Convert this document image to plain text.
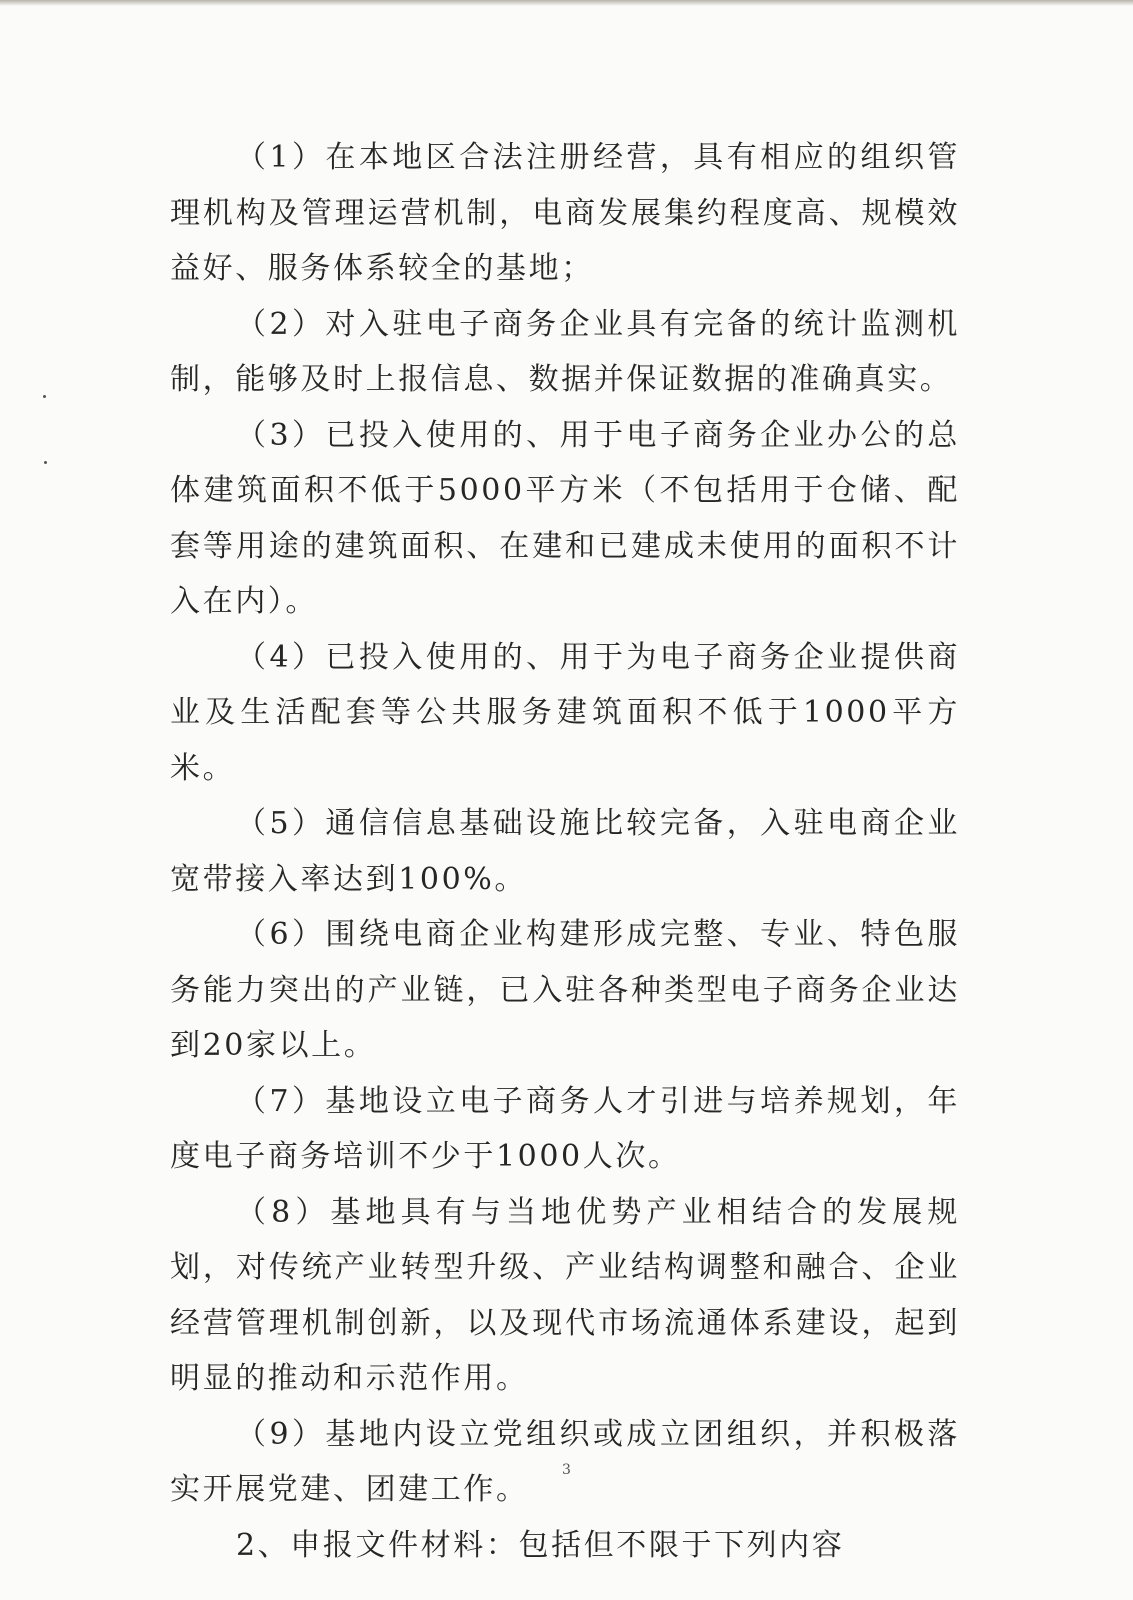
（1）在本地区合法注册经营，具有相应的组织管理机构及管理运营机制，电商发展集约程度高、规模效益好、服务体系较全的基地；

（2）对入驻电子商务企业具有完备的统计监测机制，能够及时上报信息、数据并保证数据的准确真实。

（3）已投入使用的、用于电子商务企业办公的总体建筑面积不低于5000平方米（不包括用于仓储、配套等用途的建筑面积、在建和已建成未使用的面积不计入在内）。

（4）已投入使用的、用于为电子商务企业提供商业及生活配套等公共服务建筑面积不低于1000平方米。

（5）通信信息基础设施比较完备，入驻电商企业宽带接入率达到100%。

（6）围绕电商企业构建形成完整、专业、特色服务能力突出的产业链，已入驻各种类型电子商务企业达到20家以上。

（7）基地设立电子商务人才引进与培养规划，年度电子商务培训不少于1000人次。

（8）基地具有与当地优势产业相结合的发展规划，对传统产业转型升级、产业结构调整和融合、企业经营管理机制创新，以及现代市场流通体系建设，起到明显的推动和示范作用。

（9）基地内设立党组织或成立团组织，并积极落实开展党建、团建工作。

2、申报文件材料：包括但不限于下列内容

3
